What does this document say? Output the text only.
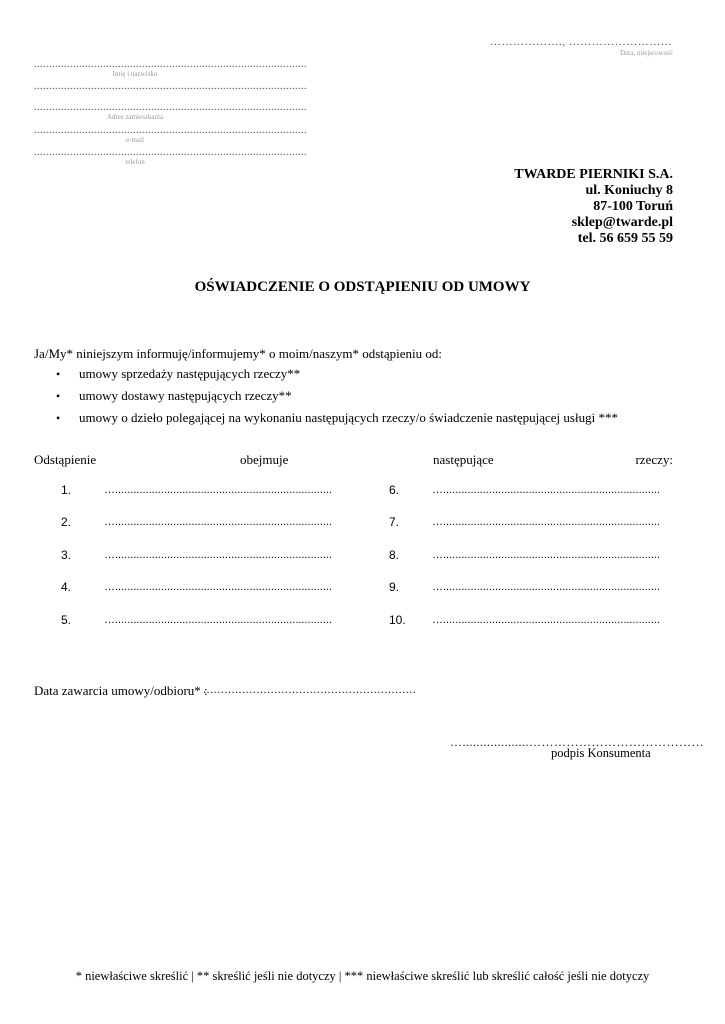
………………., ………………………
Data, miejscowość
...........................................................................................
Imię i nazwisko
...........................................................................................
...........................................................................................
Adres zamieszkania
...........................................................................................
e-mail
...........................................................................................
telefon
TWARDE PIERNIKI S.A.
ul. Koniuchy 8
87-100 Toruń
sklep@twarde.pl
tel. 56 659 55 59
OŚWIADCZENIE O ODSTĄPIENIU OD UMOWY
Ja/My* niniejszym informuję/informujemy* o moim/naszym* odstąpieniu od:
• umowy sprzedaży następujących rzeczy**
• umowy dostawy następujących rzeczy**
• umowy o dzieło polegającej na wykonaniu następujących rzeczy/o świadczenie następującej usługi ***
Odstąpienie	obejmuje	następujące	rzeczy:
1.	….......................................................................
2.	….......................................................................
3.	….......................................................................
4.	….......................................................................
5.	….......................................................................
6.	….......................................................................
7.	….......................................................................
8.	….......................................................................
9.	….......................................................................
10. ….......................................................................
Data zawarcia umowy/odbioru* :
............................................................
…...................……………………………………
podpis Konsumenta
* niewłaściwe skreślić | ** skreślić jeśli nie dotyczy | *** niewłaściwe skreślić lub skreślić całość jeśli nie dotyczy
